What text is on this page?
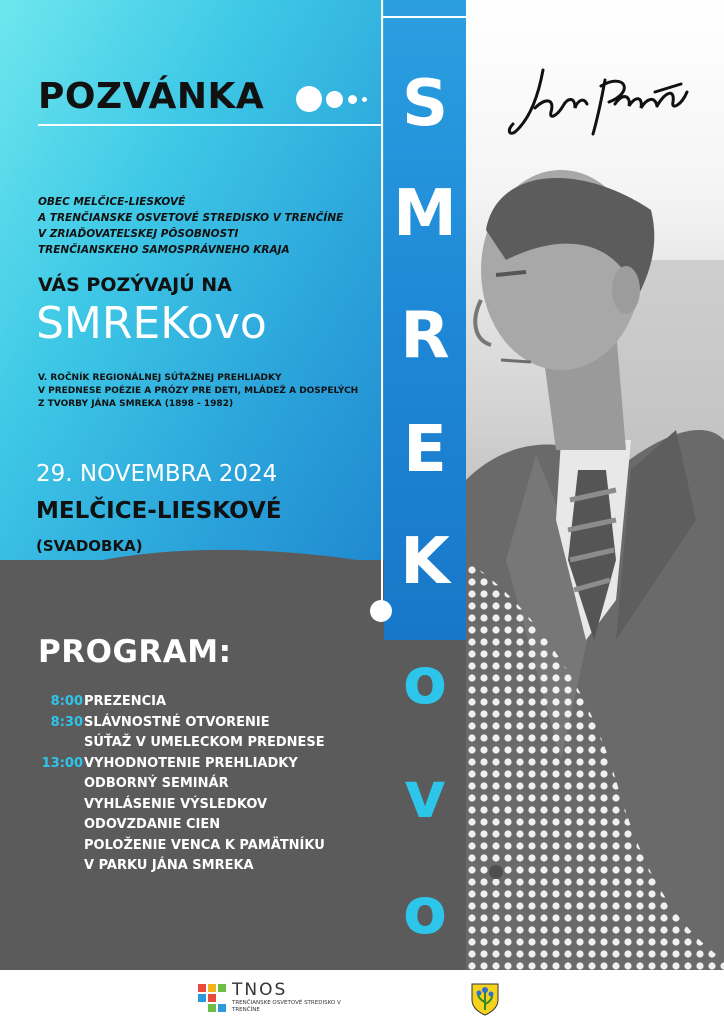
POZVÁNKA
OBEC MELČICE-LIESKOVÉ
A TRENČIANSKE OSVETOVÉ STREDISKO V TRENČÍNE
V ZRIAĎOVATEĽSKEJ PÔSOBNOSTI
TRENČIANSKEHO SAMOSPRÁVNEHO KRAJA
VÁS POZÝVAJÚ NA
SMREKovo
V. ROČNÍK REGIONÁLNEJ SÚŤAŽNEJ PREHLIADKY
V PREDNESE POÉZIE A PRÓZY PRE DETI, MLÁDEŽ A DOSPELÝCH
Z TVORBY JÁNA SMREKA (1898 - 1982)
29. NOVEMBRA 2024
MELČICE-LIESKOVÉ
(SVADOBKA)
PROGRAM:
8:00 PREZENCIA
8:30 SLÁVNOSTNÉ OTVORENIE
SÚŤAŽ V UMELECKOM PREDNESE
13:00 VYHODNOTENIE PREHLIADKY
ODBORNÝ SEMINÁR
VYHLÁSENIE VÝSLEDKOV
ODOVZDANIE CIEN
POLOŽENIE VENCA K PAMÄTNÍKU
V PARKU JÁNA SMREKA
S
M
R
E
K
o
v
o
TNOS
TRENČIANSKE OSVETOVÉ STREDISKO V TRENČÍNE
